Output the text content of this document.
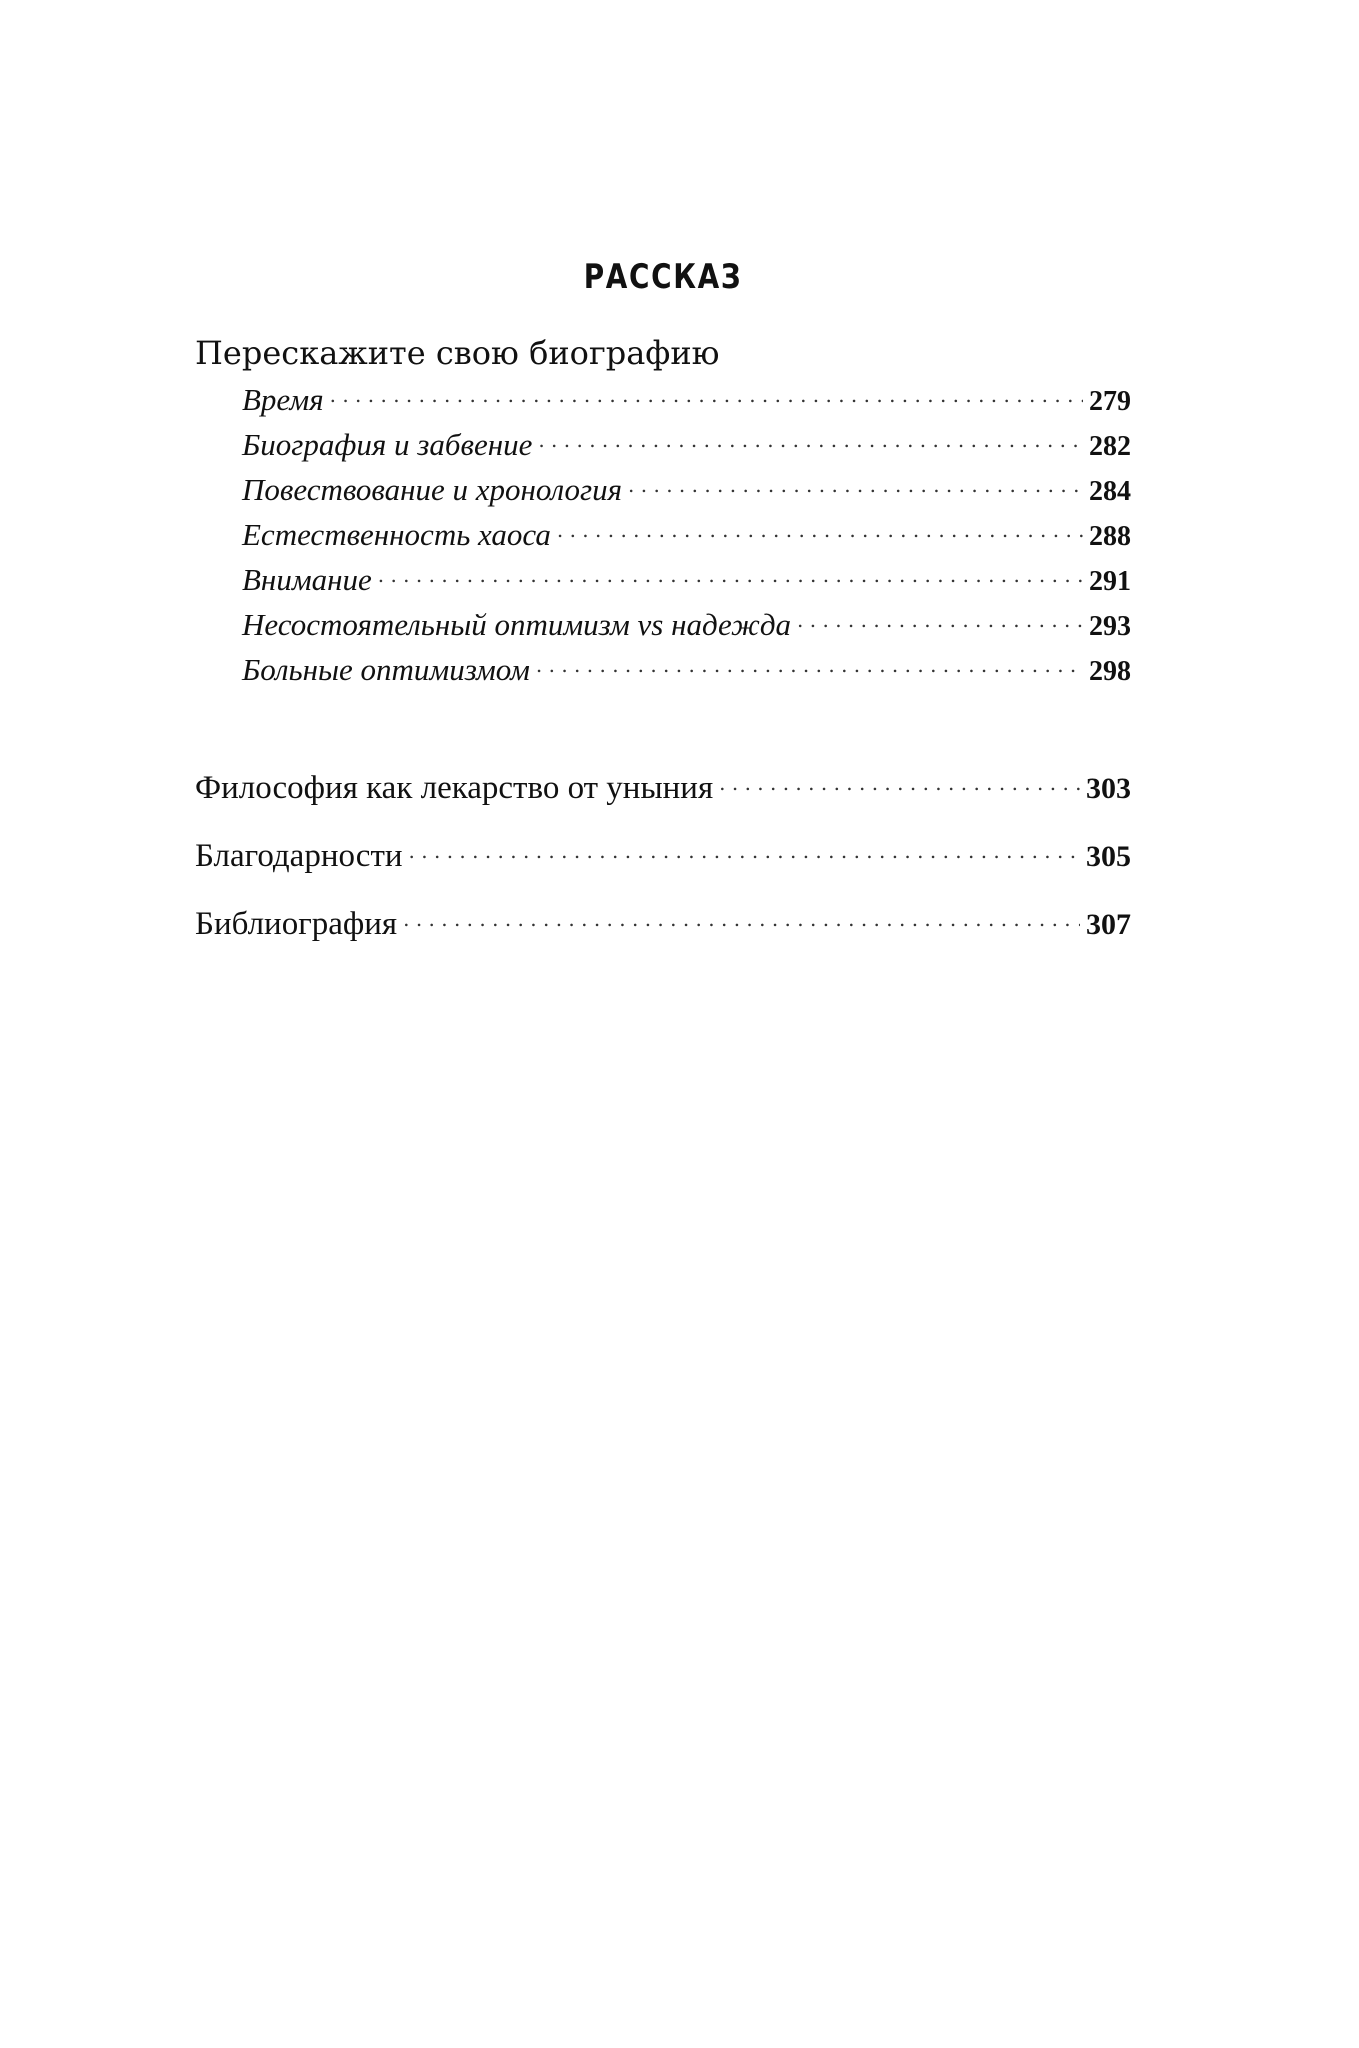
РАССКАЗ
Перескажите свою биографию
Время . . .	279
Биография и забвение . . .	282
Повествование и хронология . . .	284
Естественность хаоса . . .	288
Внимание . . .	291
Несостоятельный оптимизм vs надежда . . .	293
Больные оптимизмом . . .	298
Философия как лекарство от уныния . . .	303
Благодарности . . .	305
Библиография . . .	307
